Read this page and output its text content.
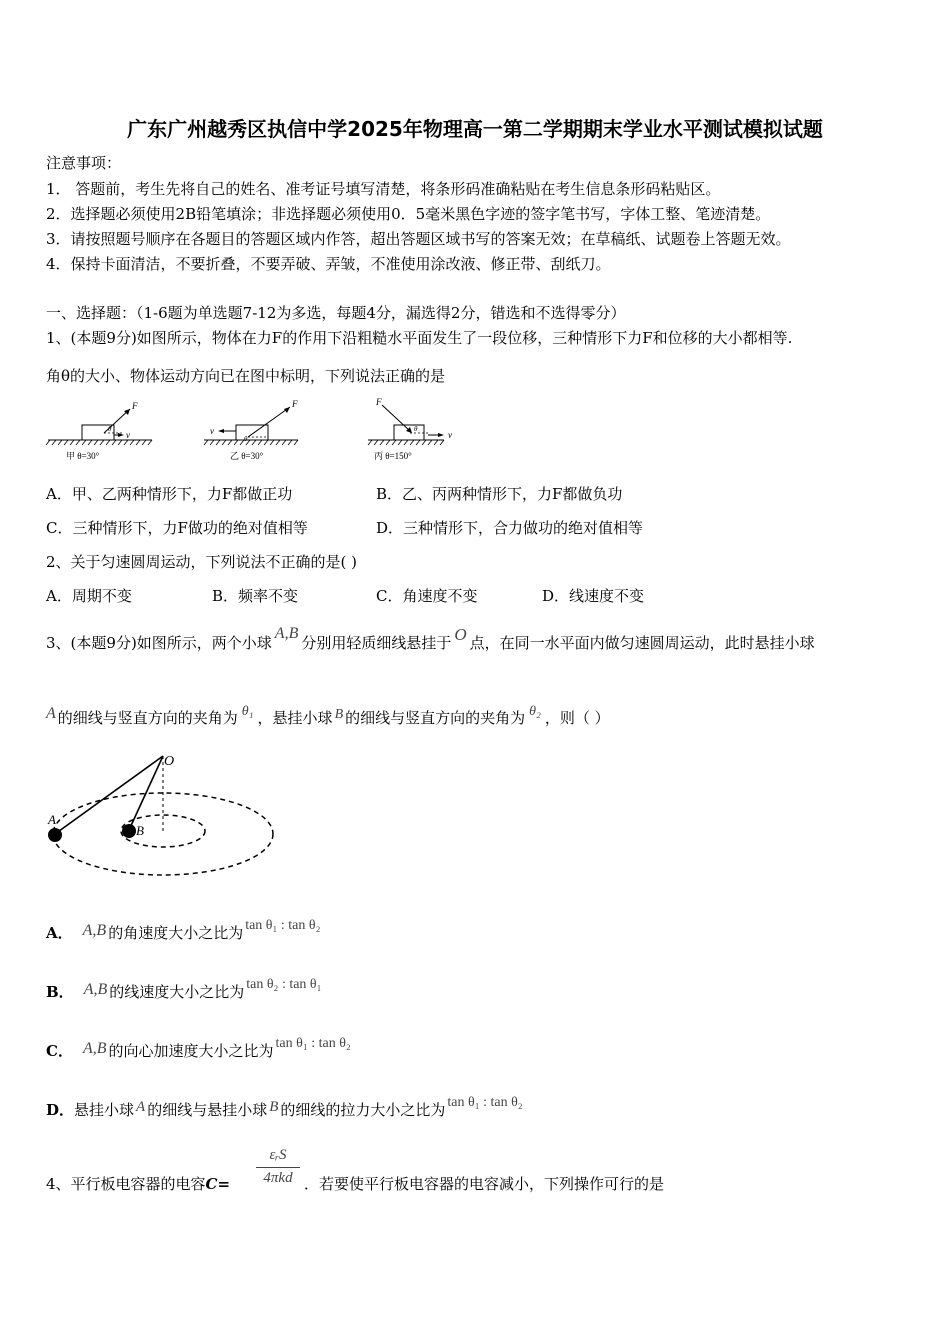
广东广州越秀区执信中学2025年物理高一第二学期期末学业水平测试模拟试题
注意事项：
1． 答题前，考生先将自己的姓名、准考证号填写清楚，将条形码准确粘贴在考生信息条形码粘贴区。
2．选择题必须使用2B铅笔填涂；非选择题必须使用0．5毫米黑色字迹的签字笔书写，字体工整、笔迹清楚。
3．请按照题号顺序在各题目的答题区域内作答，超出答题区域书写的答案无效；在草稿纸、试题卷上答题无效。
4．保持卡面清洁，不要折叠，不要弄破、弄皱，不准使用涂改液、修正带、刮纸刀。
一、选择题：（1-6题为单选题7-12为多选，每题4分，漏选得2分，错选和不选得零分）
1、(本题9分)如图所示，物体在力F的作用下沿粗糙水平面发生了一段位移，三种情形下力F和位移的大小都相等.
角θ的大小、物体运动方向已在图中标明，下列说法正确的是
F
v
θ
甲 θ=30°
F
v
θ
乙 θ=30°
F
v
θ
丙 θ=150°
A．甲、乙两种情形下，力F都做正功	B．乙、丙两种情形下，力F都做负功
C．三种情形下，力F做功的绝对值相等	D．三种情形下，合力做功的绝对值相等
2、关于匀速圆周运动，下列说法不正确的是( )
A．周期不变	B．频率不变	C．角速度不变	D．线速度不变
3、(本题9分)如图所示，两个小球A,B分别用轻质细线悬挂于 O 点，在同一水平面内做匀速圆周运动，此时悬挂小球
A 的细线与竖直方向的夹角为 θ₁ ，悬挂小球 B 的细线与竖直方向的夹角为 θ₂ ，则（ ）
O
A
B
A． A,B 的角速度大小之比为 tan θ₁ : tan θ₂
B． A,B 的线速度大小之比为 tan θ₂ : tan θ₁
C． A,B 的向心加速度大小之比为 tan θ₁ : tan θ₂
D．悬挂小球 A 的细线与悬挂小球 B 的细线的拉力大小之比为 tan θ₁ : tan θ₂
4、平行板电容器的电容C=
εᵣS
4πkd ．若要使平行板电容器的电容减小，下列操作可行的是
